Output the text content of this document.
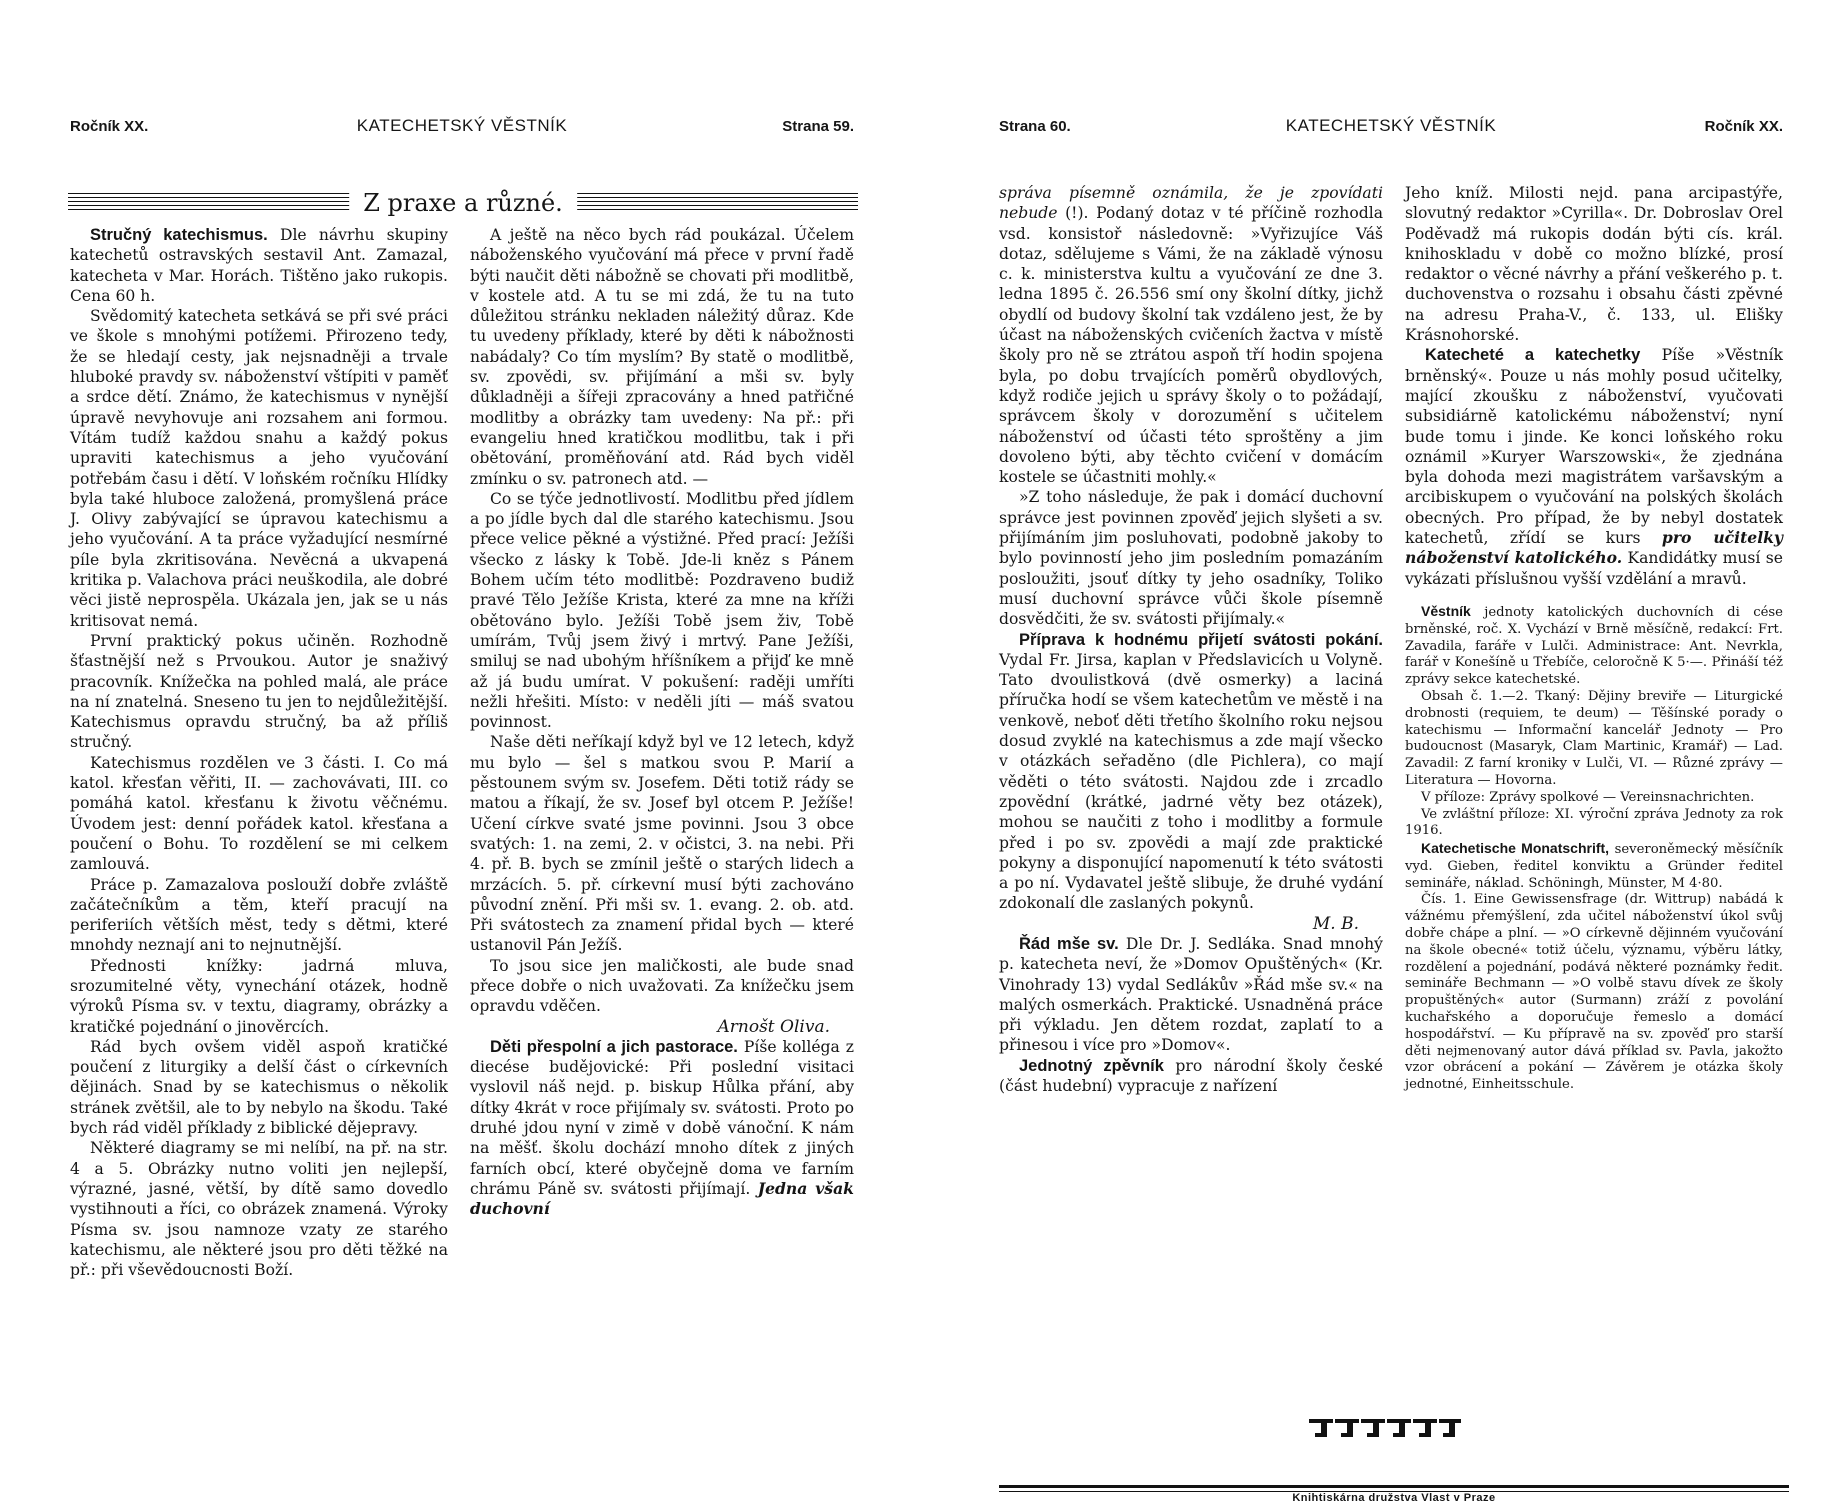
Ročník XX.	KATECHETSKÝ VĚSTNÍK	Strana 59.
Z praxe a různé.

Stručný katechismus. Dle návrhu skupiny katechetů ostravských sestavil Ant. Zamazal, katecheta v Mar. Horách. Tištěno jako rukopis. Cena 60 h.

Svědomitý katecheta setkává se při své práci ve škole s mnohými potížemi. Přirozeno tedy, že se hledají cesty, jak nejsnadněji a trvale hluboké pravdy sv. náboženství vštípiti v paměť a srdce dětí. Známo, že katechismus v nynější úpravě nevyhovuje ani rozsahem ani formou. Vítám tudíž každou snahu a každý pokus upraviti katechismus a jeho vyučování potřebám času i dětí. V loňském ročníku Hlídky byla také hluboce založená, promyšlená práce J. Olivy zabývající se úpravou katechismu a jeho vyučování. A ta práce vyžadující nesmírné píle byla zkritisována. Nevěcná a ukvapená kritika p. Valachova práci neuškodila, ale dobré věci jistě neprospěla. Ukázala jen, jak se u nás kritisovat nemá.

První praktický pokus učiněn. Rozhodně šťastnější než s Prvoukou. Autor je snaživý pracovník. Knížečka na pohled malá, ale práce na ní znatelná. Sneseno tu jen to nejdůležitější. Katechismus opravdu stručný, ba až příliš stručný.

Katechismus rozdělen ve 3 části. I. Co má katol. křesťan věřiti, II. — zachovávati, III. co pomáhá katol. křesťanu k životu věčnému. Úvodem jest: denní pořádek katol. křesťana a poučení o Bohu. To rozdělení se mi celkem zamlouvá.

Práce p. Zamazalova poslouží dobře zvláště začátečníkům a těm, kteří pracují na periferiích větších měst, tedy s dětmi, které mnohdy neznají ani to nejnutnější.

Přednosti knížky: jadrná mluva, srozumitelné věty, vynechání otázek, hodně výroků Písma sv. v textu, diagramy, obrázky a kratičké pojednání o jinověrcích.

Rád bych ovšem viděl aspoň kratičké poučení z liturgiky a delší část o církevních dějinách. Snad by se katechismus o několik stránek zvětšil, ale to by nebylo na škodu. Také bych rád viděl příklady z biblické dějepravy.

Některé diagramy se mi nelíbí, na př. na str. 4 a 5. Obrázky nutno voliti jen nejlepší, výrazné, jasné, větší, by dítě samo dovedlo vystihnouti a říci, co obrázek znamená. Výroky Písma sv. jsou namnoze vzaty ze starého katechismu, ale některé jsou pro děti těžké na př.: při vševědoucnosti Boží.

A ještě na něco bych rád poukázal. Účelem náboženského vyučování má přece v první řadě býti naučit děti nábožně se chovati při modlitbě, v kostele atd. A tu se mi zdá, že tu na tuto důležitou stránku nekladen náležitý důraz. Kde tu uvedeny příklady, které by děti k nábožnosti nabádaly? Co tím myslím? By statě o modlitbě, sv. zpovědi, sv. přijímání a mši sv. byly důkladněji a šířeji zpracovány a hned patřičné modlitby a obrázky tam uvedeny: Na př.: při evangeliu hned kratičkou modlitbu, tak i při obětování, proměňování atd. Rád bych viděl zmínku o sv. patronech atd. —

Co se týče jednotlivostí. Modlitbu před jídlem a po jídle bych dal dle starého katechismu. Jsou přece velice pěkné a výstižné. Před prací: Ježíši všecko z lásky k Tobě. Jde-li kněz s Pánem Bohem učím této modlitbě: Pozdraveno budiž pravé Tělo Ježíše Krista, které za mne na kříži obětováno bylo. Ježíši Tobě jsem živ, Tobě umírám, Tvůj jsem živý i mrtvý. Pane Ježíši, smiluj se nad ubohým hříšníkem a přijď ke mně až já budu umírat. V pokušení: raději umříti nežli hřešiti. Místo: v neděli jíti — máš svatou povinnost.

Naše děti neříkají když byl ve 12 letech, když mu bylo — šel s matkou svou P. Marií a pěstounem svým sv. Josefem. Děti totiž rády se matou a říkají, že sv. Josef byl otcem P. Ježíše! Učení církve svaté jsme povinni. Jsou 3 obce svatých: 1. na zemi, 2. v očistci, 3. na nebi. Při 4. př. B. bych se zmínil ještě o starých lidech a mrzácích. 5. př. církevní musí býti zachováno původní znění. Při mši sv. 1. evang. 2. ob. atd. Při svátostech za znamení přidal bych — které ustanovil Pán Ježíš.

To jsou sice jen maličkosti, ale bude snad přece dobře o nich uvažovati. Za knížečku jsem opravdu vděčen.

Arnošt Oliva.

Děti přespolní a jich pastorace. Píše kolléga z diecése budějovické: Při poslední visitaci vyslovil náš nejd. p. biskup Hůlka přání, aby dítky 4krát v roce přijímaly sv. svátosti. Proto po druhé jdou nyní v zimě v době vánoční. K nám na měšť. školu dochází mnoho dítek z jiných farních obcí, které obyčejně doma ve farním chrámu Páně sv. svátosti přijímají. Jedna však duchovní

Strana 60.	KATECHETSKÝ VĚSTNÍK	Ročník XX.

správa písemně oznámila, že je zpovídati nebude (!). Podaný dotaz v té příčině rozhodla vsd. konsistoř následovně: »Vyřizujíce Váš dotaz, sdělujeme s Vámi, že na základě výnosu c. k. ministerstva kultu a vyučování ze dne 3. ledna 1895 č. 26.556 smí ony školní dítky, jichž obydlí od budovy školní tak vzdáleno jest, že by účast na náboženských cvičeních žactva v místě školy pro ně se ztrátou aspoň tří hodin spojena byla, po dobu trvajících poměrů obydlových, když rodiče jejich u správy školy o to požádají, správcem školy v dorozumění s učitelem náboženství od účasti této sproštěny a jim dovoleno býti, aby těchto cvičení v domácím kostele se účastniti mohly.«

»Z toho následuje, že pak i domácí duchovní správce jest povinnen zpověď jejich slyšeti a sv. přijímáním jim posluhovati, podobně jakoby to bylo povinností jeho jim posledním pomazáním posloužiti, jsouť dítky ty jeho osadníky, Toliko musí duchovní správce vůči škole písemně dosvědčiti, že sv. svátosti přijímaly.«

Příprava k hodnému přijetí svátosti pokání. Vydal Fr. Jirsa, kaplan v Předslavicích u Volyně. Tato dvoulistková (dvě osmerky) a laciná příručka hodí se všem katechetům ve městě i na venkově, neboť děti třetího školního roku nejsou dosud zvyklé na katechismus a zde mají všecko v otázkách seřaděno (dle Pichlera), co mají věděti o této svátosti. Najdou zde i zrcadlo zpovědní (krátké, jadrné věty bez otázek), mohou se naučiti z toho i modlitby a formule před i po sv. zpovědi a mají zde praktické pokyny a disponující napomenutí k této svátosti a po ní. Vydavatel ještě slibuje, že druhé vydání zdokonalí dle zaslaných pokynů.

M. B.

Řád mše sv. Dle Dr. J. Sedláka. Snad mnohý p. katecheta neví, že »Domov Opuštěných« (Kr. Vinohrady 13) vydal Sedlákův »Řád mše sv.« na malých osmerkách. Praktické. Usnadněná práce při výkladu. Jen dětem rozdat, zaplatí to a přinesou i více pro »Domov«.

Jednotný zpěvník pro národní školy české (část hudební) vypracuje z nařízení

Jeho kníž. Milosti nejd. pana arcipastýře, slovutný redaktor »Cyrilla«. Dr. Dobroslav Orel Poděvadž má rukopis dodán býti cís. král. knihoskladu v době co možno blízké, prosí redaktor o věcné návrhy a přání veškerého p. t. duchovenstva o rozsahu i obsahu části zpěvné na adresu Praha-V., č. 133, ul. Elišky Krásnohorské.

Katecheté a katechetky Píše »Věstník brněnský«. Pouze u nás mohly posud učitelky, mající zkoušku z náboženství, vyučovati subsidiárně katolickému náboženství; nyní bude tomu i jinde. Ke konci loňského roku oznámil »Kuryer Warszowski«, že zjednána byla dohoda mezi magistrátem varšavským a arcibiskupem o vyučování na polských školách obecných. Pro případ, že by nebyl dostatek katechetů, zřídí se kurs pro učitelky náboženství katolického. Kandidátky musí se vykázati příslušnou vyšší vzdělání a mravů.

Věstník jednoty katolických duchovních di cése brněnské, roč. X. Vychází v Brně měsíčně, redakcí: Frt. Zavadila, faráře v Lulči. Administrace: Ant. Nevrkla, farář v Konešíně u Třebíče, celoročně K 5·—. Přináší též zprávy sekce katechetské.

Obsah č. 1.—2. Tkaný: Dějiny breviře — Liturgické drobnosti (requiem, te deum) — Těšínské porady o katechismu — Informační kancelář Jednoty — Pro budoucnost (Masaryk, Clam Martinic, Kramář) — Lad. Zavadil: Z farní kroniky v Lulči, VI. — Různé zprávy — Literatura — Hovorna.

V příloze: Zprávy spolkové — Vereinsnachrichten.

Ve zvláštní příloze: XI. výroční zpráva Jednoty za rok 1916.

Katechetische Monatschrift, severoněmecký měsíčník vyd. Gieben, ředitel konviktu a Gründer ředitel semináře, náklad. Schöningh, Münster, M 4·80.

Čís. 1. Eine Gewissensfrage (dr. Wittrup) nabádá k vážnému přemýšlení, zda učitel náboženství úkol svůj dobře chápe a plní. — »O církevně dějinném vyučování na škole obecné« totiž účelu, významu, výběru látky, rozdělení a pojednání, podává některé poznámky ředit. semináře Bechmann — »O volbě stavu dívek ze školy propuštěných« autor (Surmann) zráží z povolání kuchařského a doporučuje řemeslo a domácí hospodářství. — Ku přípravě na sv. zpověď pro starší děti nejmenovaný autor dává příklad sv. Pavla, jakožto vzor obrácení a pokání — Závěrem je otázka školy jednotné, Einheitsschule.

Knihtiskárna družstva Vlast v Praze
